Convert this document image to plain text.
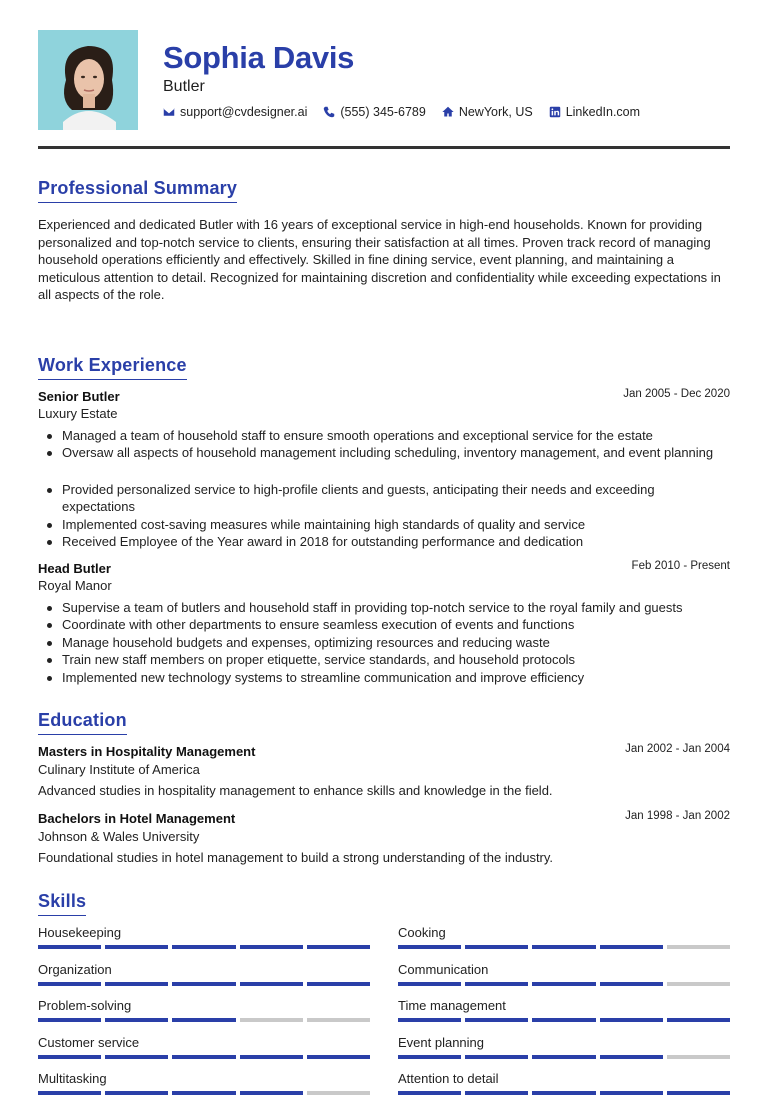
Sophia Davis
Butler
support@cvdesigner.ai	(555) 345-6789	NewYork, US	LinkedIn.com
Professional Summary
Experienced and dedicated Butler with 16 years of exceptional service in high-end households. Known for providing personalized and top-notch service to clients, ensuring their satisfaction at all times. Proven track record of managing household operations efficiently and effectively. Skilled in fine dining service, event planning, and maintaining a meticulous attention to detail. Recognized for maintaining discretion and confidentiality while exceeding expectations in all aspects of the role.
Work Experience
Senior Butler	Jan 2005 - Dec 2020
Luxury Estate
Managed a team of household staff to ensure smooth operations and exceptional service for the estate
Oversaw all aspects of household management including scheduling, inventory management, and event planning
Provided personalized service to high-profile clients and guests, anticipating their needs and exceeding expectations
Implemented cost-saving measures while maintaining high standards of quality and service
Received Employee of the Year award in 2018 for outstanding performance and dedication
Head Butler	Feb 2010 - Present
Royal Manor
Supervise a team of butlers and household staff in providing top-notch service to the royal family and guests
Coordinate with other departments to ensure seamless execution of events and functions
Manage household budgets and expenses, optimizing resources and reducing waste
Train new staff members on proper etiquette, service standards, and household protocols
Implemented new technology systems to streamline communication and improve efficiency
Education
Masters in Hospitality Management	Jan 2002 - Jan 2004
Culinary Institute of America
Advanced studies in hospitality management to enhance skills and knowledge in the field.
Bachelors in Hotel Management	Jan 1998 - Jan 2002
Johnson & Wales University
Foundational studies in hotel management to build a strong understanding of the industry.
Skills
Housekeeping	Cooking
Organization	Communication
Problem-solving	Time management
Customer service	Event planning
Multitasking	Attention to detail
